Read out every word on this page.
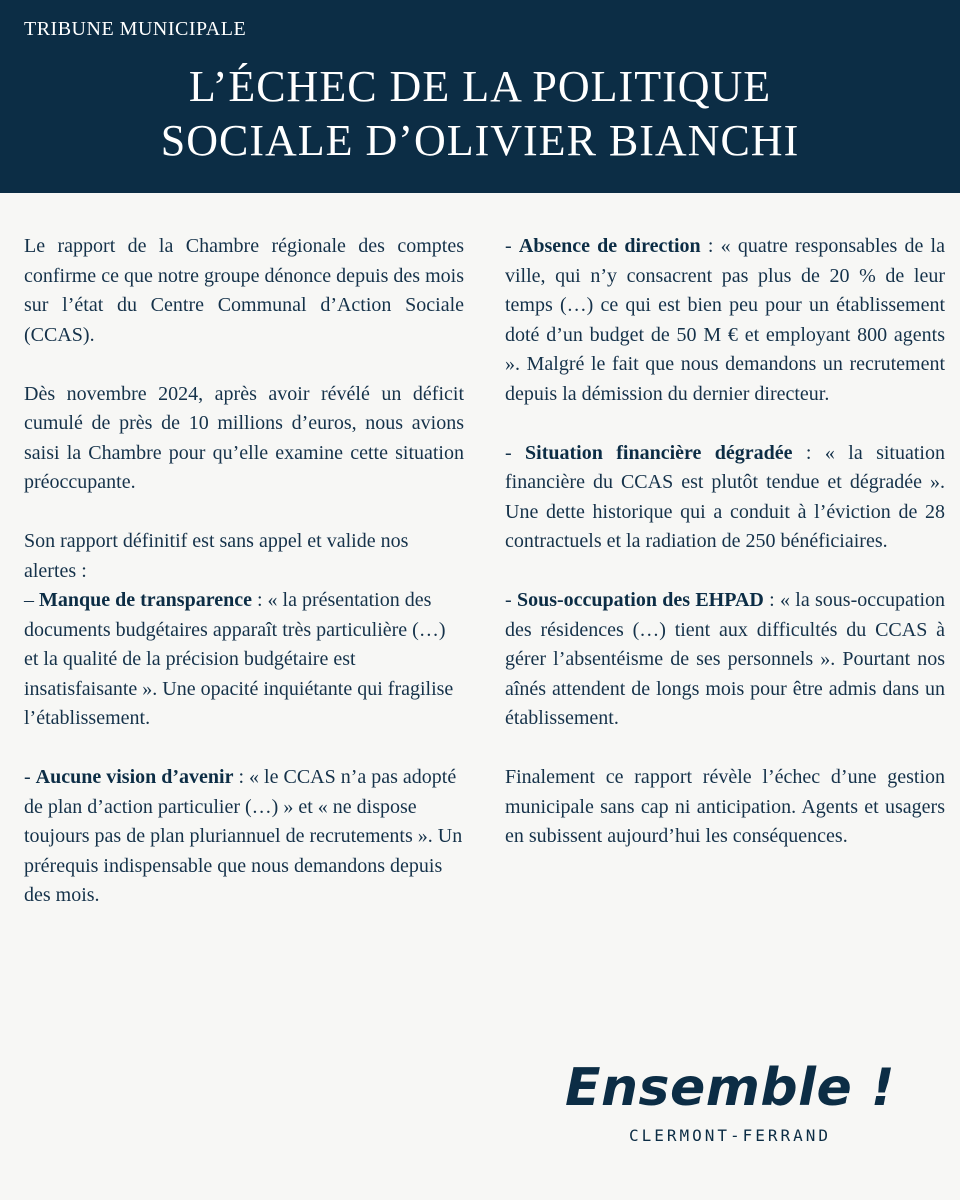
TRIBUNE MUNICIPALE
L’ÉCHEC DE LA POLITIQUE
SOCIALE D’OLIVIER BIANCHI

Le rapport de la Chambre régionale des comptes confirme ce que notre groupe dénonce depuis des mois sur l’état du Centre Communal d’Action Sociale (CCAS).

Dès novembre 2024, après avoir révélé un déficit cumulé de près de 10 millions d’euros, nous avions saisi la Chambre pour qu’elle examine cette situation préoccupante.

Son rapport définitif est sans appel et valide nos alertes :
– Manque de transparence : « la présentation des documents budgétaires apparaît très particulière (…) et la qualité de la précision budgétaire est insatisfaisante ». Une opacité inquiétante qui fragilise l’établissement.

- Aucune vision d’avenir : « le CCAS n’a pas adopté de plan d’action particulier (…) » et « ne dispose toujours pas de plan pluriannuel de recrutements ». Un prérequis indispensable que nous demandons depuis des mois.

- Absence de direction : « quatre responsables de la ville, qui n’y consacrent pas plus de 20 % de leur temps (…) ce qui est bien peu pour un établissement doté d’un budget de 50 M € et employant 800 agents ». Malgré le fait que nous demandons un recrutement depuis la démission du dernier directeur.

- Situation financière dégradée : « la situation financière du CCAS est plutôt tendue et dégradée ». Une dette historique qui a conduit à l’éviction de 28 contractuels et la radiation de 250 bénéficiaires.

- Sous-occupation des EHPAD : « la sous-occupation des résidences (…) tient aux difficultés du CCAS à gérer l’absentéisme de ses personnels ». Pourtant nos aînés attendent de longs mois pour être admis dans un établissement.

Finalement ce rapport révèle l’échec d’une gestion municipale sans cap ni anticipation. Agents et usagers en subissent aujourd’hui les conséquences.

Ensemble !
CLERMONT-FERRAND
